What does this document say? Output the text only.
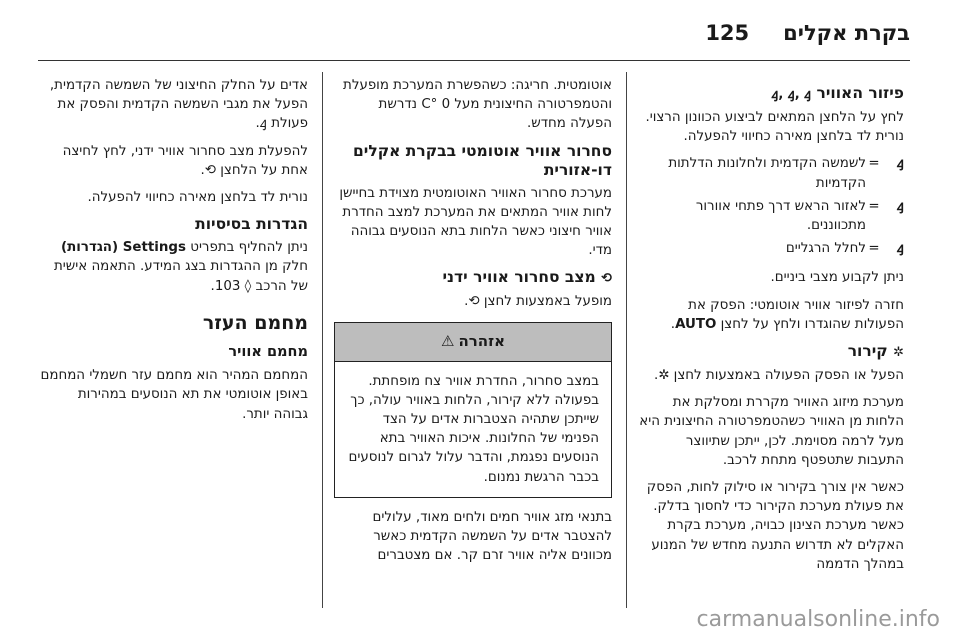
בקרת אקלים
125
פיזור האוויר ꜭ, ꜭ, ꜭ

לחץ על הלחצן המתאים לביצוע הכוונון הרצוי. נורית לד בלחצן מאירה כחיווי להפעלה.

ꜭ
=
לשמשה הקדמית ולחלונות הדלתות הקדמיות
ꜭ
=
לאזור הראש דרך פתחי אוורור מתכווננים.
ꜭ
=
לחלל הרגליים

ניתן לקבוע מצבי ביניים.

חזרה לפיזור אוויר אוטומטי: הפסק את הפעולות שהוגדרו ולחץ על לחצן AUTO.

✲ קירור

הפעל או הפסק הפעולה באמצעות לחצן ✲.

מערכת מיזוג האוויר מקררת ומסלקת את הלחות מן האוויר כשהטמפרטורה החיצונית היא מעל לרמה מסוימת. לכן, ייתכן שתיווצר התעבות שתטפטף מתחת לרכב.

כאשר אין צורך בקירור או סילוק לחות, הפסק את פעולת מערכת הקירור כדי לחסוך בדלק. כאשר מערכת הצינון כבויה, מערכת בקרת האקלים לא תדרוש התנעה מחדש של המנוע במהלך הדממה

אוטומטית. חריגה: כשהפשרת המערכת מופעלת והטמפרטורה החיצונית מעל 0 °C נדרשת הפעלה מחדש.

סחרור אוויר אוטומטי בבקרת אקלים דו-אזורית

מערכת סחרור האוויר האוטומטית מצוידת בחיישן לחות אוויר המתאים את המערכת למצב החדרת אוויר חיצוני כאשר הלחות בתא הנוסעים גבוהה מדי.

⟲ מצב סחרור אוויר ידני

מופעל באמצעות לחצן ⟲.

אזהרה
⚠
במצב סחרור, החדרת אוויר צח מופחתת. בפעולה ללא קירור, הלחות באוויר עולה, כך שייתכן שתהיה הצטברות אדים על הצד הפנימי של החלונות. איכות האוויר בתא הנוסעים נפגמת, והדבר עלול לגרום לנוסעים בכבר הרגשת נמנום.

בתנאי מזג אוויר חמים ולחים מאוד, עלולים להצטבר אדים על השמשה הקדמית כאשר מכוונים אליה אוויר זרם קר. אם מצטברים

אדים על החלק החיצוני של השמשה הקדמית, הפעל את מגבי השמשה הקדמית והפסק את פעולת ꜭ.

להפעלת מצב סחרור אוויר ידני, לחץ לחיצה אחת על הלחצן ⟲.

נורית לד בלחצן מאירה כחיווי להפעלה.

הגדרות בסיסיות

ניתן להחליף בתפריט Settings (הגדרות) חלק מן ההגדרות בצג המידע. התאמה אישית של הרכב ◊ 103.

מחמם העזר
מחמם אוויר

המחמם המהיר הוא מחמם עזר חשמלי המחמם באופן אוטומטי את תא הנוסעים במהירות גבוהה יותר.

carmanualsonline.info
